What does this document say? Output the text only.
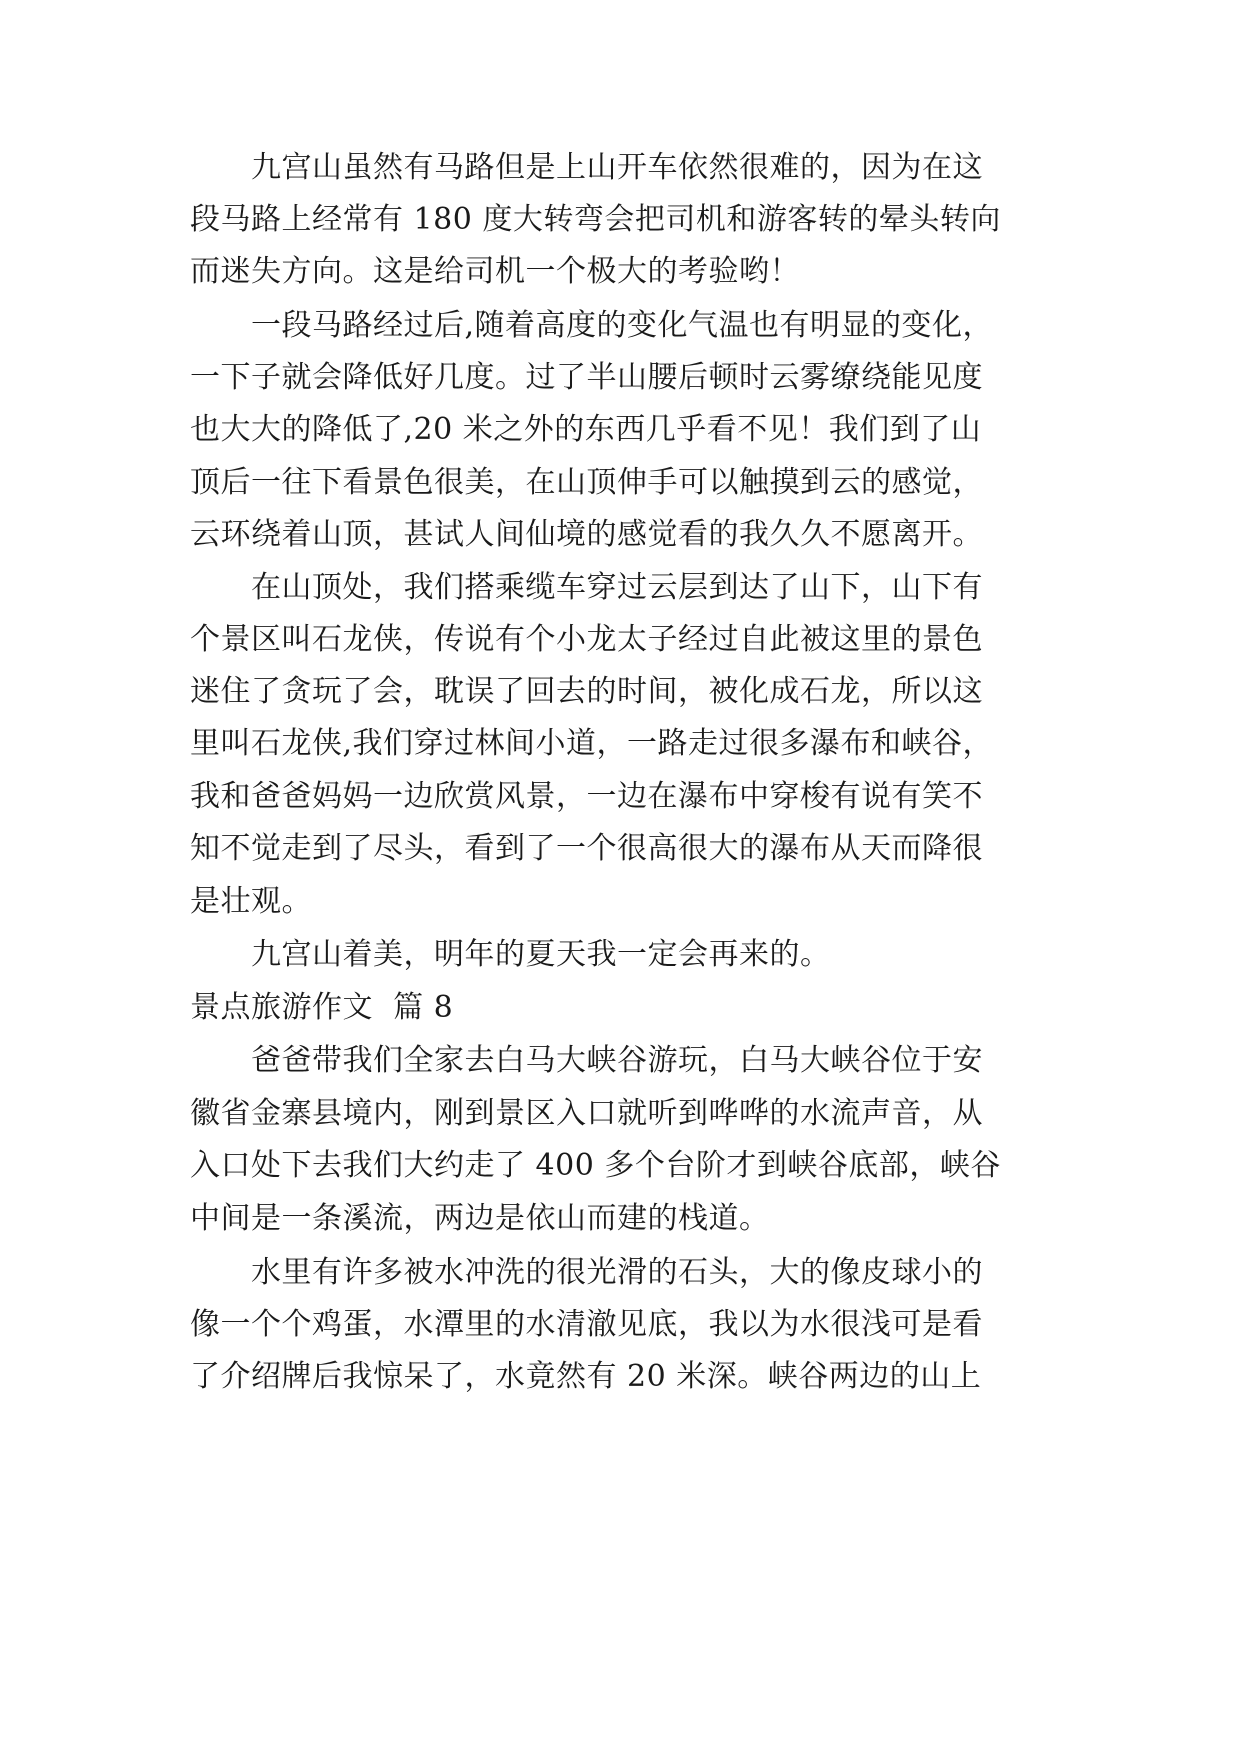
　　九宫山虽然有马路但是上山开车依然很难的，因为在这
段马路上经常有 180 度大转弯会把司机和游客转的晕头转向
而迷失方向。这是给司机一个极大的考验哟！
　　一段马路经过后,随着高度的变化气温也有明显的变化，
一下子就会降低好几度。过了半山腰后顿时云雾缭绕能见度
也大大的降低了,20 米之外的东西几乎看不见！我们到了山
顶后一往下看景色很美，在山顶伸手可以触摸到云的感觉，
云环绕着山顶，甚试人间仙境的感觉看的我久久不愿离开。
　　在山顶处，我们搭乘缆车穿过云层到达了山下，山下有
个景区叫石龙侠，传说有个小龙太子经过自此被这里的景色
迷住了贪玩了会，耽误了回去的时间，被化成石龙，所以这
里叫石龙侠,我们穿过林间小道，一路走过很多瀑布和峡谷，
我和爸爸妈妈一边欣赏风景，一边在瀑布中穿梭有说有笑不
知不觉走到了尽头，看到了一个很高很大的瀑布从天而降很
是壮观。
　　九宫山着美，明年的夏天我一定会再来的。
景点旅游作文  篇 8
　　爸爸带我们全家去白马大峡谷游玩，白马大峡谷位于安
徽省金寨县境内，刚到景区入口就听到哗哗的水流声音，从
入口处下去我们大约走了 400 多个台阶才到峡谷底部，峡谷
中间是一条溪流，两边是依山而建的栈道。
　　水里有许多被水冲洗的很光滑的石头，大的像皮球小的
像一个个鸡蛋，水潭里的水清澈见底，我以为水很浅可是看
了介绍牌后我惊呆了，水竟然有 20 米深。峡谷两边的山上
